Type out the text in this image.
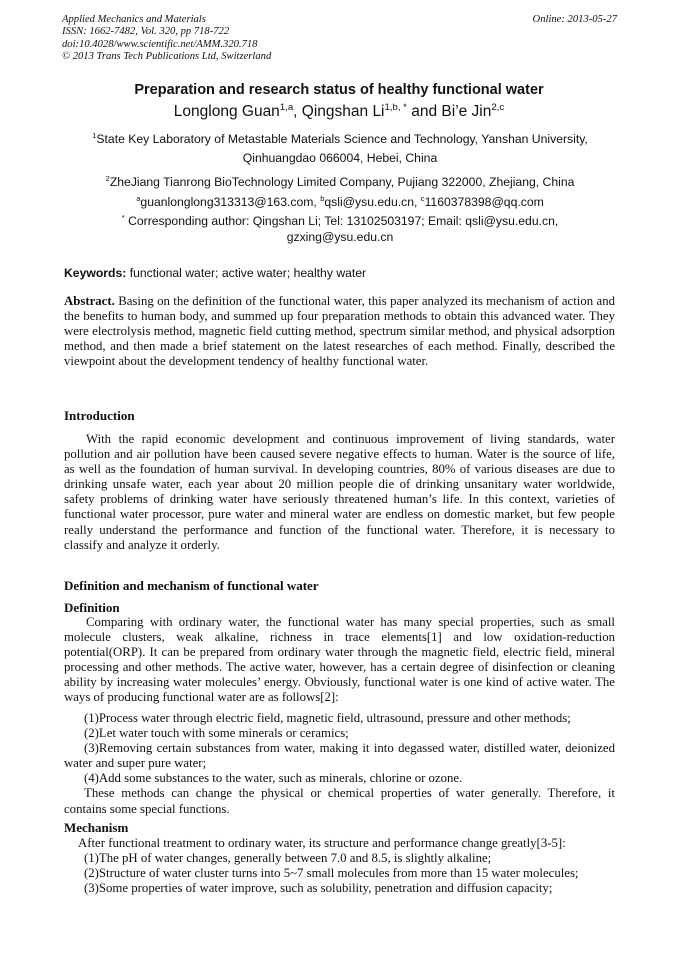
Applied Mechanics and Materials
ISSN: 1662-7482, Vol. 320, pp 718-722
doi:10.4028/www.scientific.net/AMM.320.718
© 2013 Trans Tech Publications Ltd, Switzerland
Online: 2013-05-27
Preparation and research status of healthy functional water
Longlong Guan$^{1,a}$, Qingshan $Li^{1,b, *}$ and Bi’e Jin$^{2,c}$
$^1$State Key Laboratory of Metastable Materials Science and Technology, Yanshan University,
Qinhuangdao 066004, Hebei, China
$^2$ZheJiang Tianrong BioTechnology Limited Company, Pujiang 322000, Zhejiang, China
$^a$guanlonglong313313@163.com, $^b$qsli@ysu.edu.cn, $^c$1160378398@qq.com
* Corresponding author: Qingshan Li; Tel: 13102503197; Email: qsli@ysu.edu.cn,
gzxing@ysu.edu.cn
Keywords: functional water; active water; healthy water
Abstract. Basing on the definition of the functional water, this paper analyzed its mechanism of action and the benefits to human body, and summed up four preparation methods to obtain this advanced water. They were electrolysis method, magnetic field cutting method, spectrum similar method, and physical adsorption method, and then made a brief statement on the latest researches of each method. Finally, described the viewpoint about the development tendency of healthy functional water.
Introduction
With the rapid economic development and continuous improvement of living standards, water pollution and air pollution have been caused severe negative effects to human. Water is the source of life, as well as the foundation of human survival. In developing countries, 80% of various diseases are due to drinking unsafe water, each year about 20 million people die of drinking unsanitary water worldwide, safety problems of drinking water have seriously threatened human’s life. In this context, varieties of functional water processor, pure water and mineral water are endless on domestic market, but few people really understand the performance and function of the functional water. Therefore, it is necessary to classify and analyze it orderly.
Definition and mechanism of functional water
Definition
Comparing with ordinary water, the functional water has many special properties, such as small molecule clusters, weak alkaline, richness in trace elements[1] and low oxidation-reduction potential(ORP). It can be prepared from ordinary water through the magnetic field, electric field, mineral processing and other methods. The active water, however, has a certain degree of disinfection or cleaning ability by increasing water molecules’ energy. Obviously, functional water is one kind of active water. The ways of producing functional water are as follows[2]:
(1)Process water through electric field, magnetic field, ultrasound, pressure and other methods;
(2)Let water touch with some minerals or ceramics;
(3)Removing certain substances from water, making it into degassed water, distilled water, deionized water and super pure water;
(4)Add some substances to the water, such as minerals, chlorine or ozone.
These methods can change the physical or chemical properties of water generally. Therefore, it contains some special functions.
Mechanism
After functional treatment to ordinary water, its structure and performance change greatly[3-5]:
(1)The pH of water changes, generally between 7.0 and 8.5, is slightly alkaline;
(2)Structure of water cluster turns into 5~7 small molecules from more than 15 water molecules;
(3)Some properties of water improve, such as solubility, penetration and diffusion capacity;
